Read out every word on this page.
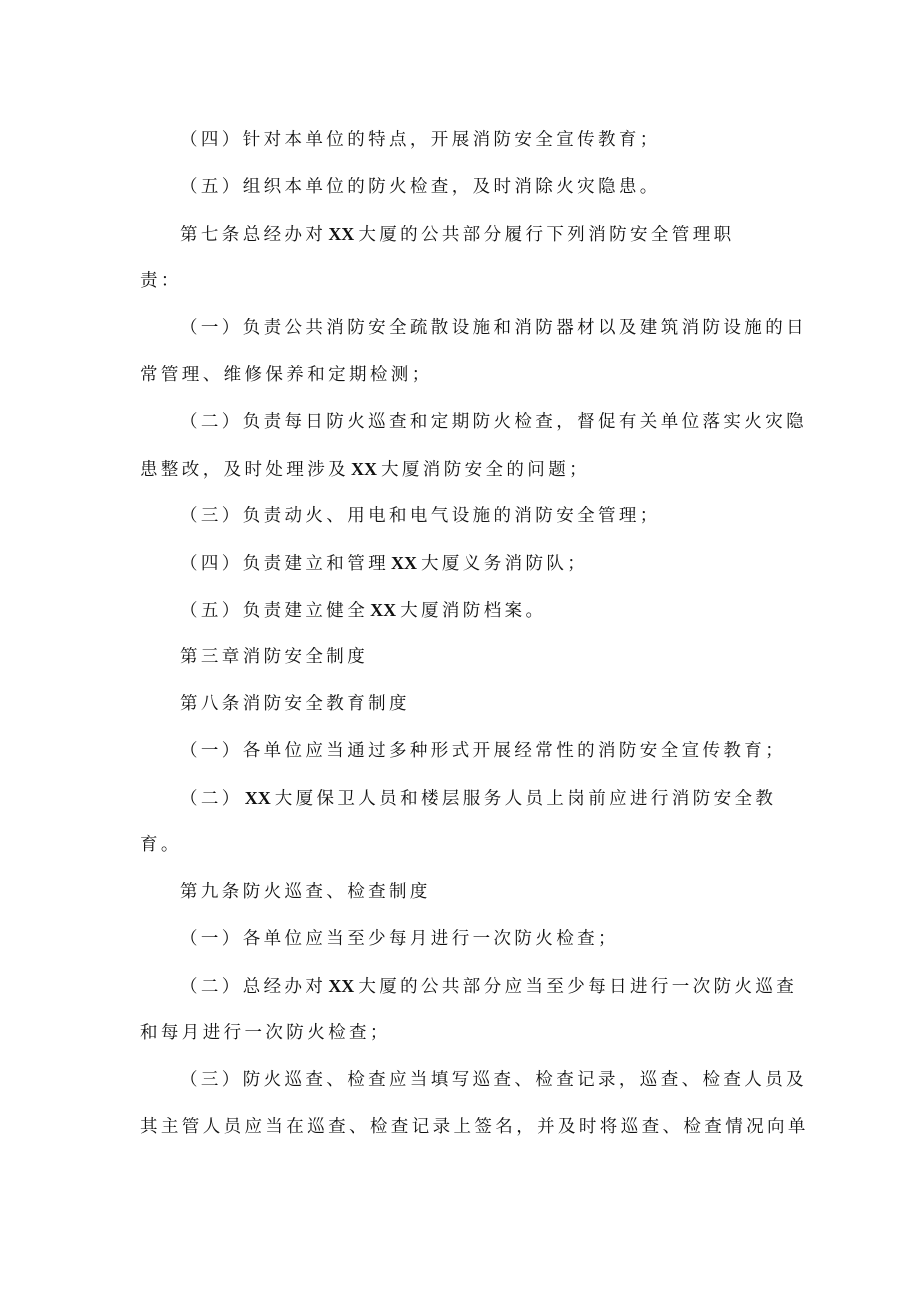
（四）针对本单位的特点，开展消防安全宣传教育；
（五）组织本单位的防火检查，及时消除火灾隐患。
第七条总经办对 XX 大厦的公共部分履行下列消防安全管理职
责：
（一）负责公共消防安全疏散设施和消防器材以及建筑消防设施的日
常管理、维修保养和定期检测；
（二）负责每日防火巡查和定期防火检查，督促有关单位落实火灾隐
患整改，及时处理涉及 XX 大厦消防安全的问题；
（三）负责动火、用电和电气设施的消防安全管理；
（四）负责建立和管理 XX 大厦义务消防队；
（五）负责建立健全 XX 大厦消防档案。
第三章消防安全制度
第八条消防安全教育制度
（一）各单位应当通过多种形式开展经常性的消防安全宣传教育；
（二） XX 大厦保卫人员和楼层服务人员上岗前应进行消防安全教
育。
第九条防火巡查、检查制度
（一）各单位应当至少每月进行一次防火检查；
（二）总经办对 XX 大厦的公共部分应当至少每日进行一次防火巡查
和每月进行一次防火检查；
（三）防火巡查、检查应当填写巡查、检查记录，巡查、检查人员及
其主管人员应当在巡查、检查记录上签名，并及时将巡查、检查情况向单
